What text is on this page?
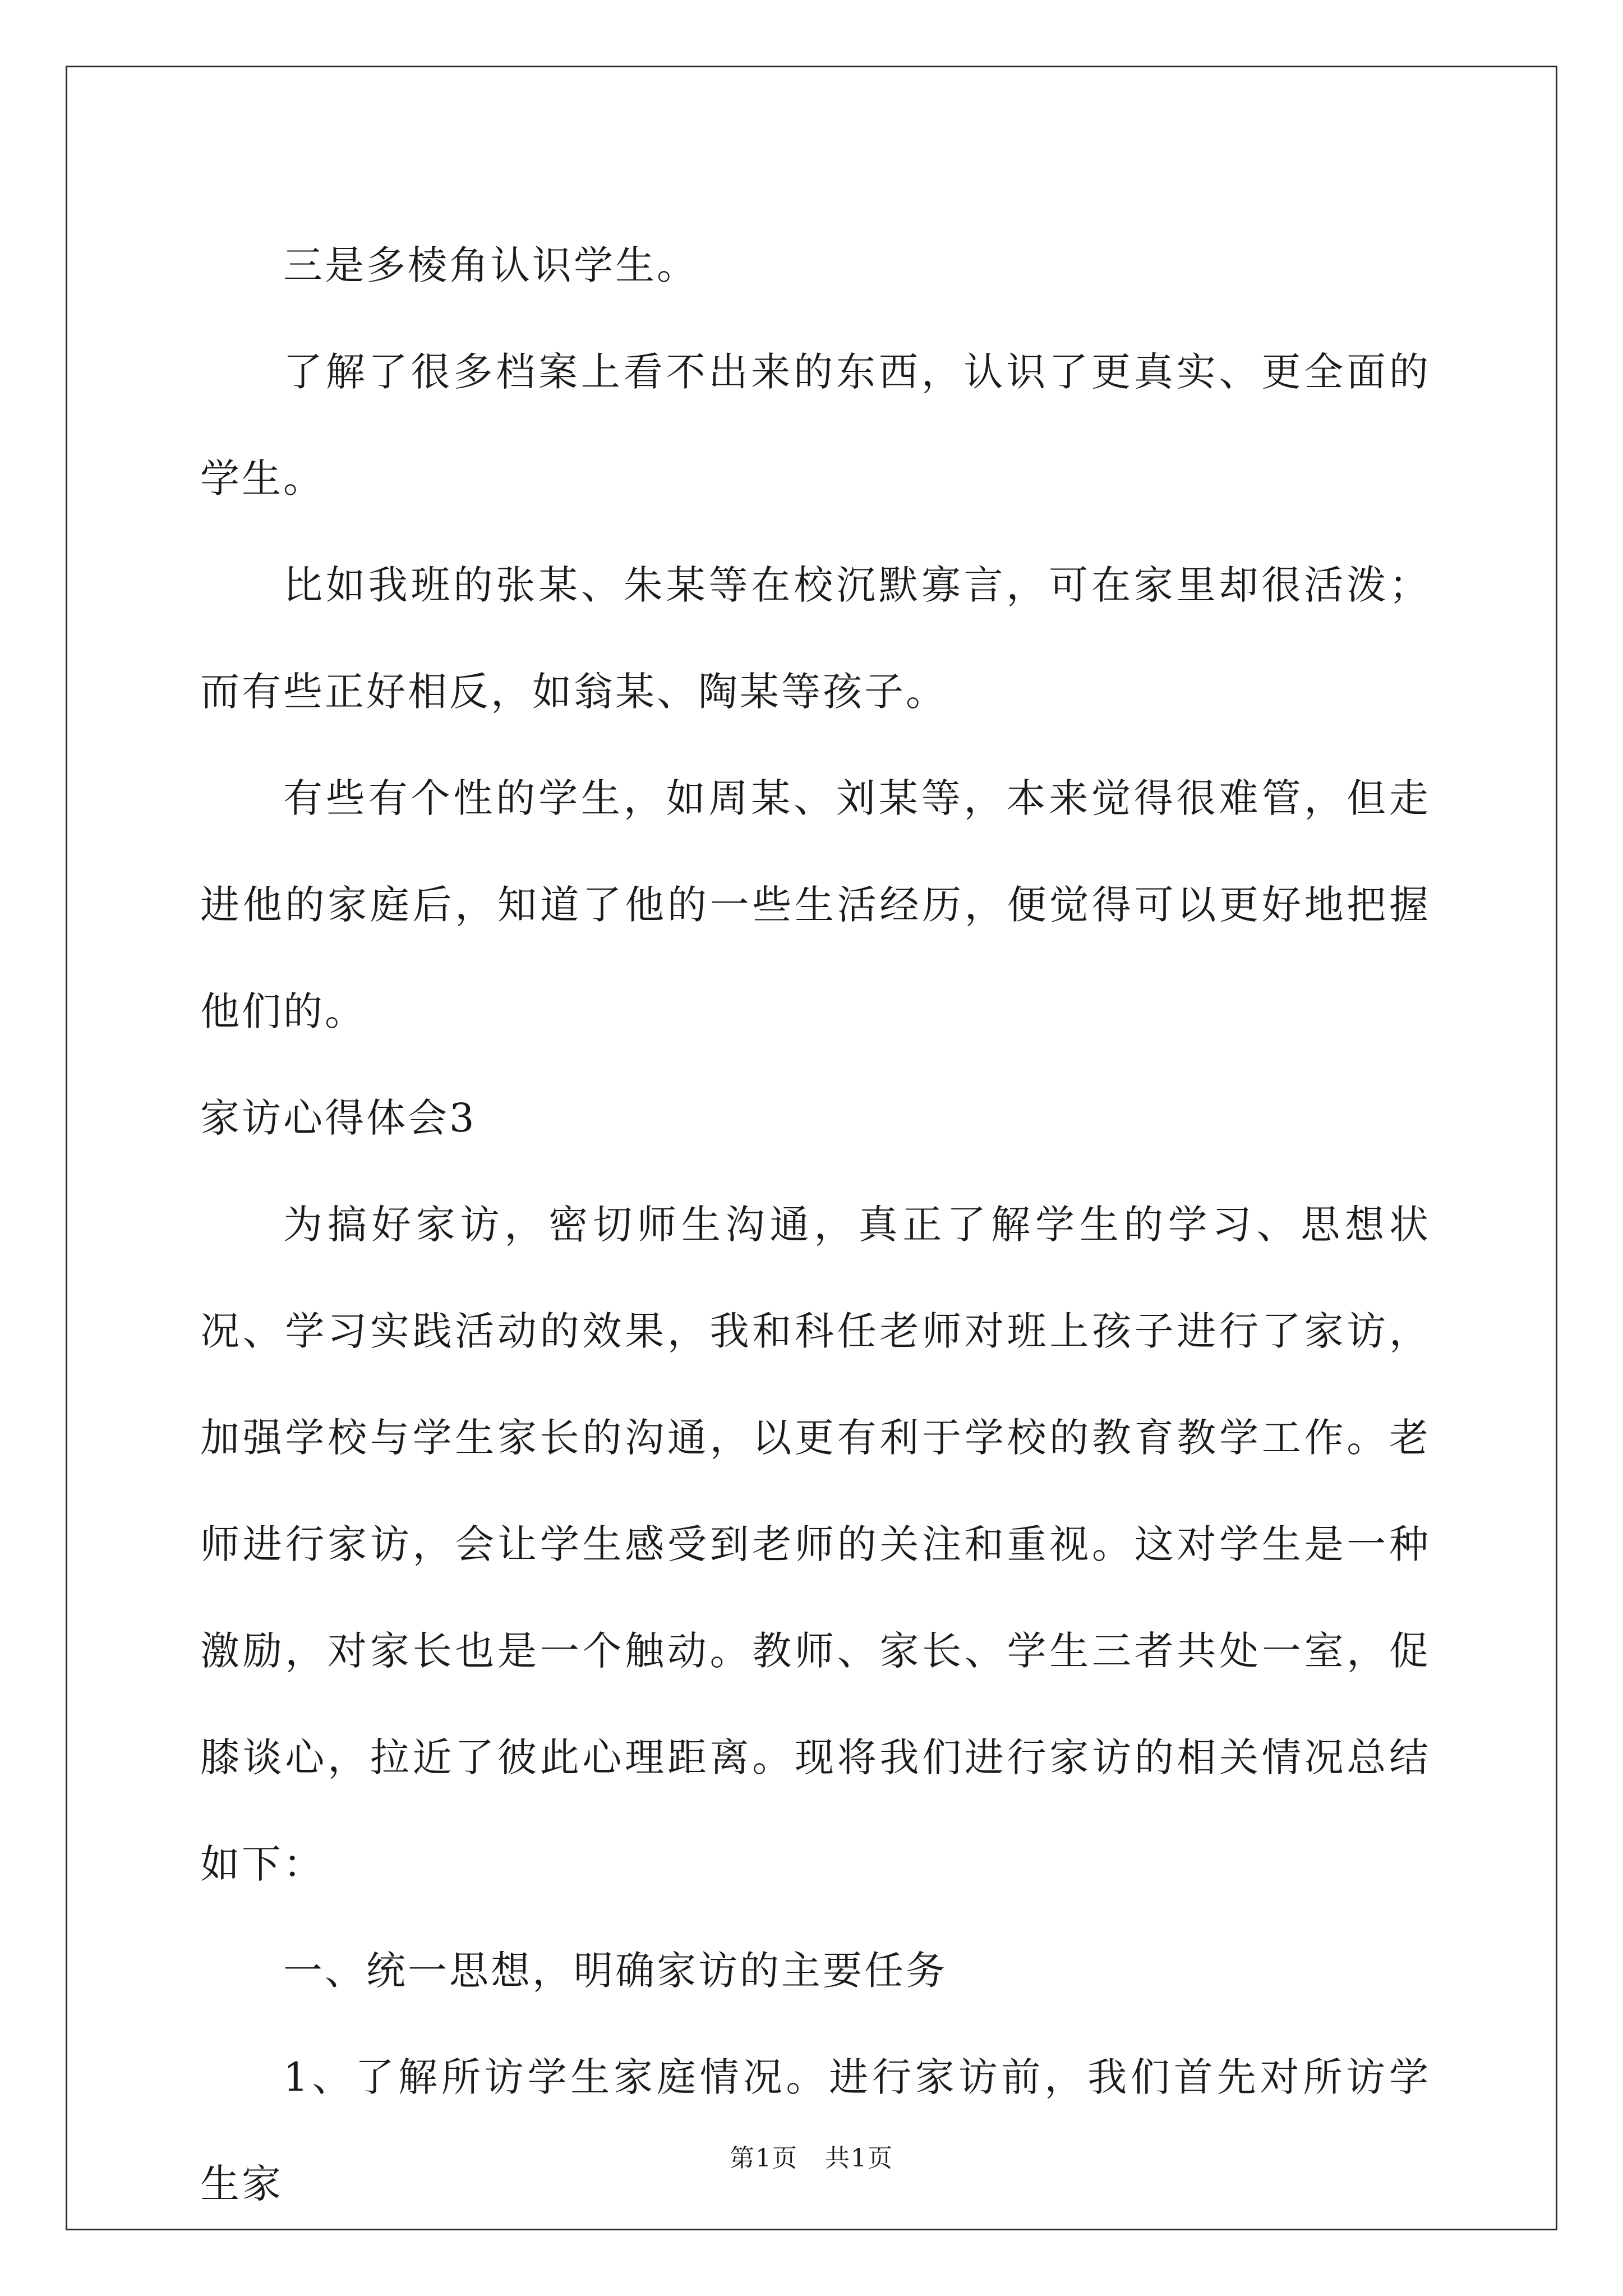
三是多棱角认识学生。

了解了很多档案上看不出来的东西，认识了更真实、更全面的学生。

比如我班的张某、朱某等在校沉默寡言，可在家里却很活泼；而有些正好相反，如翁某、陶某等孩子。

有些有个性的学生，如周某、刘某等，本来觉得很难管，但走进他的家庭后，知道了他的一些生活经历，便觉得可以更好地把握他们的。

家访心得体会3

为搞好家访，密切师生沟通，真正了解学生的学习、思想状况、学习实践活动的效果，我和科任老师对班上孩子进行了家访，加强学校与学生家长的沟通，以更有利于学校的教育教学工作。老师进行家访，会让学生感受到老师的关注和重视。这对学生是一种激励，对家长也是一个触动。教师、家长、学生三者共处一室，促膝谈心，拉近了彼此心理距离。现将我们进行家访的相关情况总结如下：

一、统一思想，明确家访的主要任务

1、了解所访学生家庭情况。进行家访前，我们首先对所访学生家

第1页 共1页
